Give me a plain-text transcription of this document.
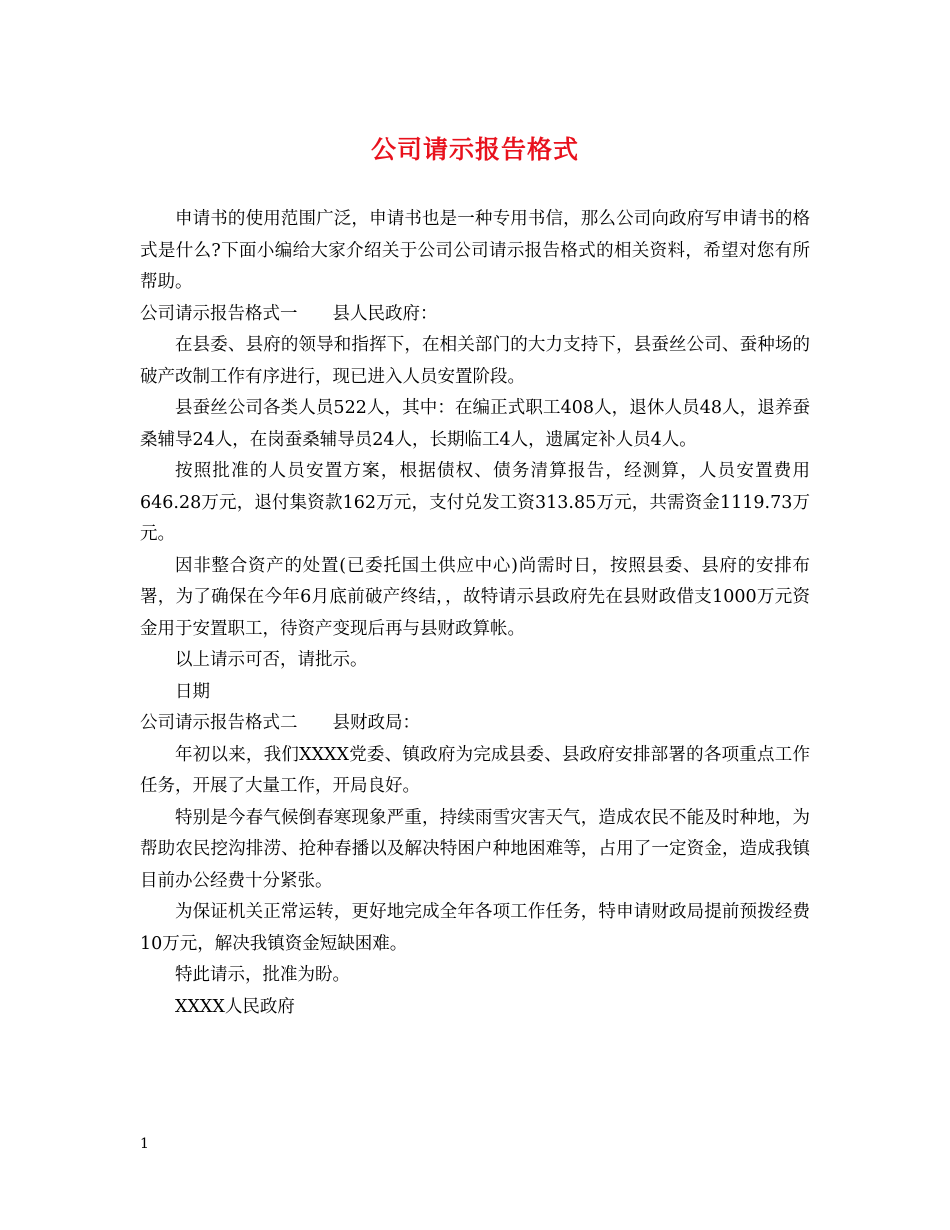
公司请示报告格式

申请书的使用范围广泛，申请书也是一种专用书信，那么公司向政府写申请书的格式是什么?下面小编给大家介绍关于公司公司请示报告格式的相关资料，希望对您有所帮助。

公司请示报告格式一 县人民政府：

在县委、县府的领导和指挥下，在相关部门的大力支持下，县蚕丝公司、蚕种场的破产改制工作有序进行，现已进入人员安置阶段。

县蚕丝公司各类人员522人，其中：在编正式职工408人，退休人员48人，退养蚕桑辅导24人，在岗蚕桑辅导员24人，长期临工4人，遗属定补人员4人。

按照批准的人员安置方案，根据债权、债务清算报告，经测算，人员安置费用646.28万元，退付集资款162万元，支付兑发工资313.85万元，共需资金1119.73万元。

因非整合资产的处置(已委托国土供应中心)尚需时日，按照县委、县府的安排布署，为了确保在今年6月底前破产终结，，故特请示县政府先在县财政借支1000万元资金用于安置职工，待资产变现后再与县财政算帐。

以上请示可否，请批示。

日期

公司请示报告格式二 县财政局：

年初以来，我们XXXX党委、镇政府为完成县委、县政府安排部署的各项重点工作任务，开展了大量工作，开局良好。

特别是今春气候倒春寒现象严重，持续雨雪灾害天气，造成农民不能及时种地，为帮助农民挖沟排涝、抢种春播以及解决特困户种地困难等，占用了一定资金，造成我镇目前办公经费十分紧张。

为保证机关正常运转，更好地完成全年各项工作任务，特申请财政局提前预拨经费10万元，解决我镇资金短缺困难。

特此请示，批准为盼。

XXXX人民政府

1
